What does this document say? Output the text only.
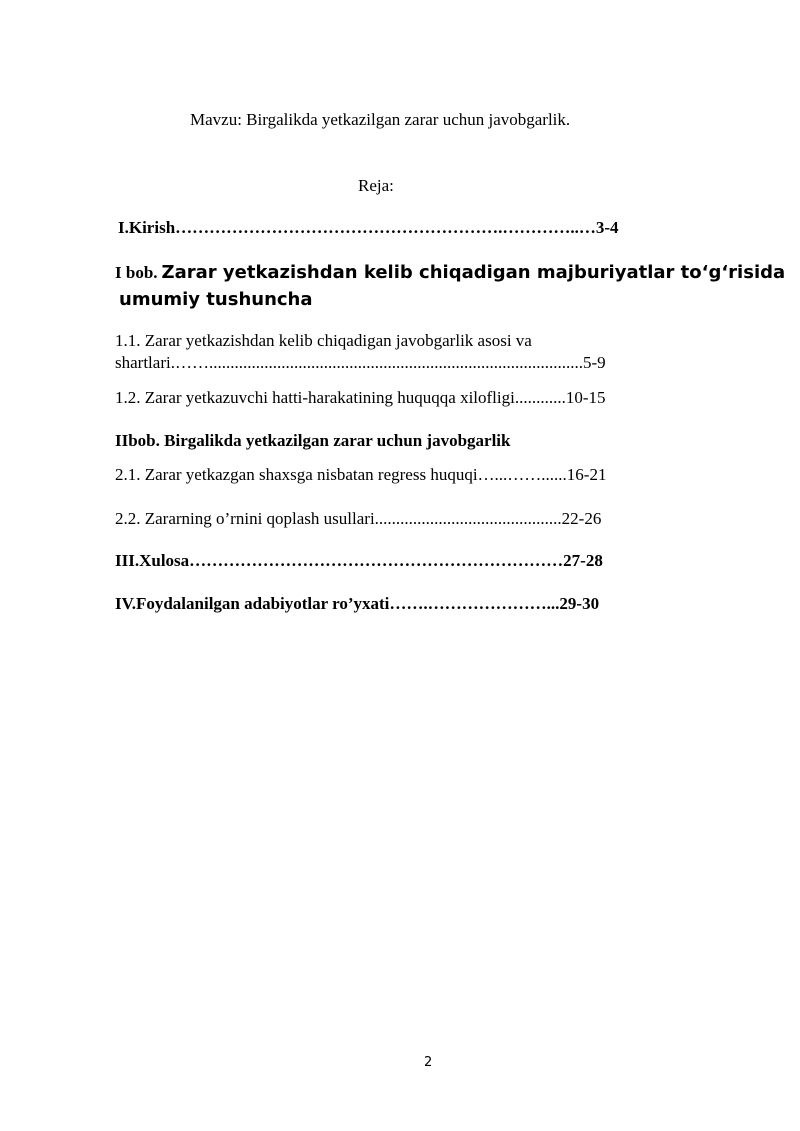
Mavzu: Birgalikda yetkazilgan zarar uchun javobgarlik.
Reja:
I.Kirish………………………………………………….…………..…3-4
I bob. Zarar yetkazishdan kelib chiqadigan majburiyatlar to‘g‘risida
umumiy tushuncha
1.1. Zarar yetkazishdan kelib chiqadigan javobgarlik asosi va
shartlari.……........................................................................................5-9
1.2. Zarar yetkazuvchi hatti-harakatining huquqqa xilofligi............10-15
IIbob. Birgalikda yetkazilgan zarar uchun javobgarlik
2.1. Zarar yetkazgan shaxsga nisbatan regress huquqi…...……......16-21
2.2. Zararning o’rnini qoplash usullari............................................22-26
III.Xulosa…………………………………………………………27-28
IV.Foydalanilgan adabiyotlar ro’yxati…….…………………...29-30
2
